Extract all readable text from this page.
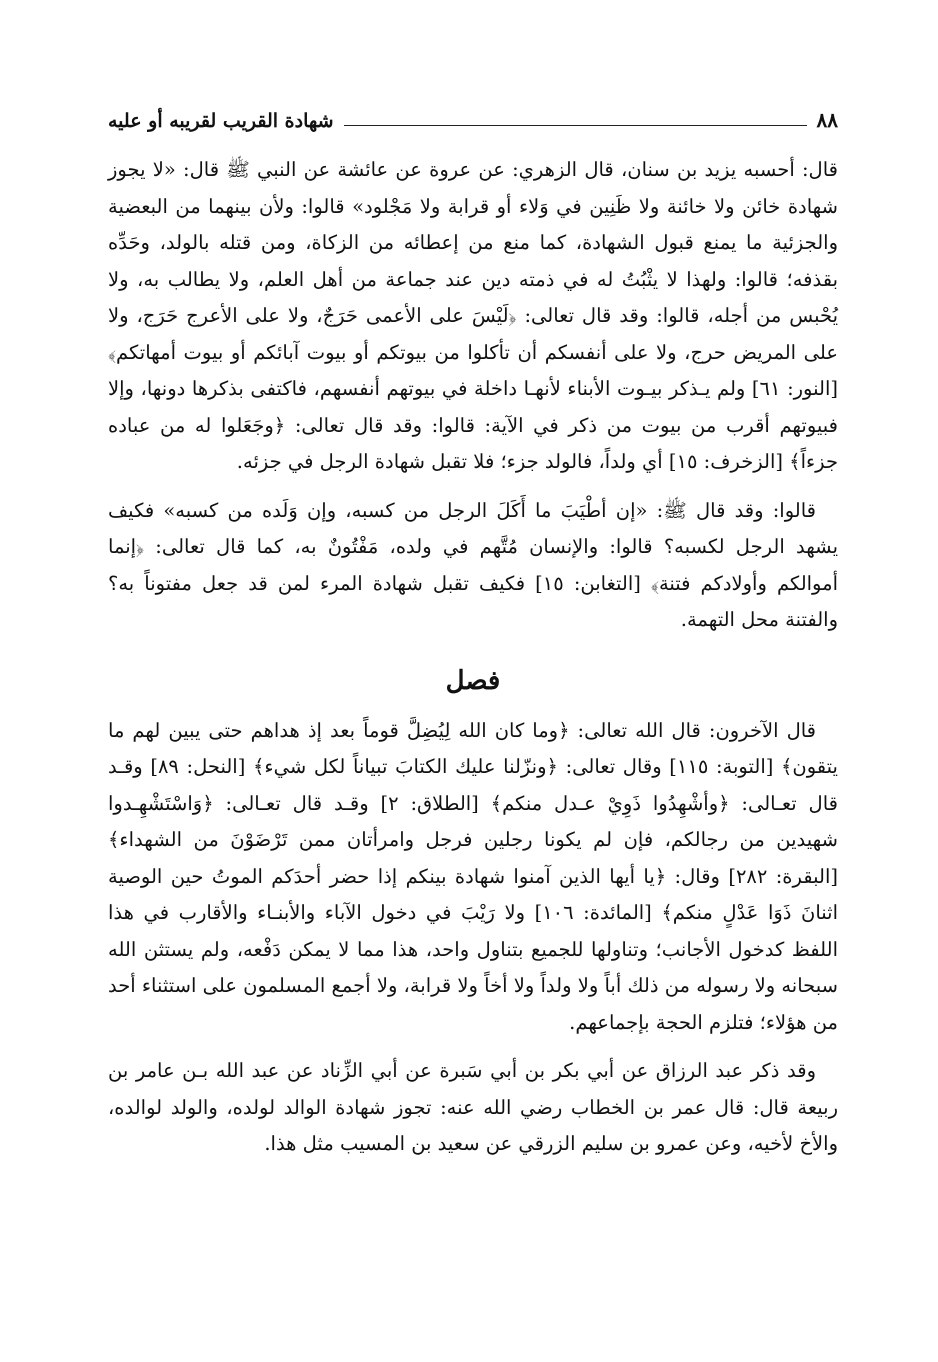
٨٨
شهادة القريب لقريبه أو عليه

قال: أحسبه يزيد بن سنان، قال الزهري: عن عروة عن عائشة عن النبي ﷺ قال: «لا يجوز شهادة خائن ولا خائنة ولا ظَنِين في وَلاء أو قرابة ولا مَجْلود» قالوا: ولأن بينهما من البعضية والجزئية ما يمنع قبول الشهادة، كما منع من إعطائه من الزكاة، ومن قتله بالولد، وحَدِّه بقذفه؛ قالوا: ولهذا لا يثْبُتُ له في ذمته دين عند جماعة من أهل العلم، ولا يطالب به، ولا يُحْبس من أجله، قالوا: وقد قال تعالى: ﴿لَيْسَ على الأعمى حَرَجٌ، ولا على الأعرج حَرَج، ولا على المريض حرج، ولا على أنفسكم أن تأكلوا من بيوتكم أو بيوت آبائكم أو بيوت أمهاتكم﴾ [النور: ٦١] ولم يـذكر بيـوت الأبناء لأنهـا داخلة في بيوتهم أنفسهم، فاكتفى بذكرها دونها، وإلا فبيوتهم أقرب من بيوت من ذكر في الآية: قالوا: وقد قال تعالى: ﴿وجَعَلوا له من عباده جزءاً﴾ [الزخرف: ١٥] أي ولداً، فالولد جزء؛ فلا تقبل شهادة الرجل في جزئه.

قالوا: وقد قال ﷺ: «إن أطْيَبَ ما أَكَلَ الرجل من كسبه، وإن وَلَده من كسبه» فكيف يشهد الرجل لكسبه؟ قالوا: والإنسان مُتَّهم في ولده، مَفْتُونٌ به، كما قال تعالى: ﴿إنما أموالكم وأولادكم فتنة﴾ [التغابن: ١٥] فكيف تقبل شهادة المرء لمن قد جعل مفتوناً به؟ والفتنة محل التهمة.

فصل

قال الآخرون: قال الله تعالى: ﴿وما كان الله لِيُضِلَّ قوماً بعد إذ هداهم حتى يبين لهم ما يتقون﴾ [التوبة: ١١٥] وقال تعالى: ﴿ونزّلنا عليك الكتابَ تبياناً لكل شيء﴾ [النحل: ٨٩] وقـد قال تعـالى: ﴿وأشْهِدُوا ذَوِيْ عـدل منكم﴾ [الطلاق: ٢] وقـد قال تعـالى: ﴿وَاسْتَشْهِـدوا شهيدين من رجالكم، فإن لم يكونا رجلين فرجل وامرأتان ممن تَرْضَوْنَ من الشهداء﴾ [البقرة: ٢٨٢] وقال: ﴿يا أيها الذين آمنوا شهادة بينكم إذا حضر أحدَكم الموتُ حين الوصية اثنانَ ذَوَا عَدْلٍ منكم﴾ [المائدة: ١٠٦] ولا رَيْبَ في دخول الآباء والأبنـاء والأقارب في هذا اللفظ كدخول الأجانب؛ وتناولها للجميع بتناول واحد، هذا مما لا يمكن دَفْعه، ولم يستثن الله سبحانه ولا رسوله من ذلك أباً ولا ولداً ولا أخاً ولا قرابة، ولا أجمع المسلمون على استثناء أحد من هؤلاء؛ فتلزم الحجة بإجماعهم.

وقد ذكر عبد الرزاق عن أبي بكر بن أبي سَبرة عن أبي الزِّناد عن عبد الله بـن عامر بن ربيعة قال: قال عمر بن الخطاب رضي الله عنه: تجوز شهادة الوالد لولده، والولد لوالده، والأخ لأخيه، وعن عمرو بن سليم الزرقي عن سعيد بن المسيب مثل هذا.
